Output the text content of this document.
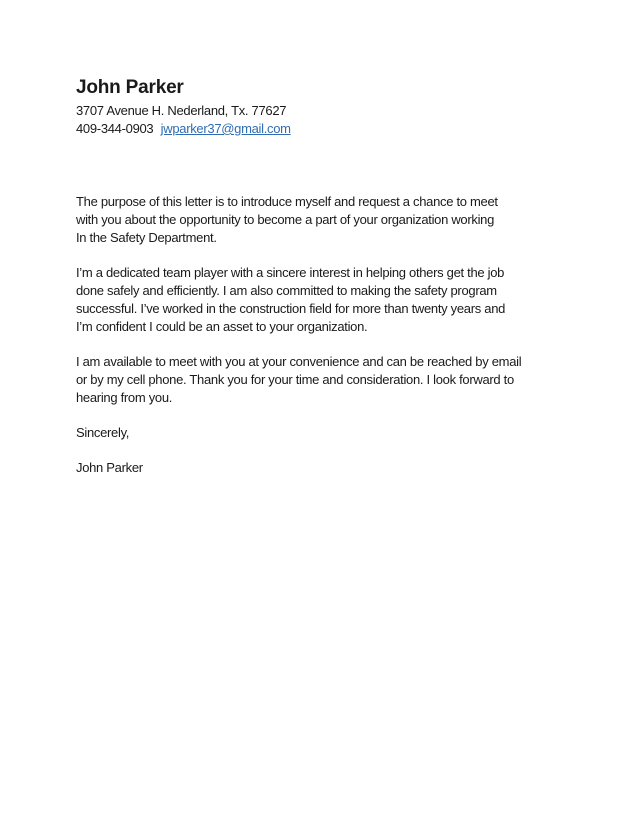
John Parker
3707 Avenue H. Nederland, Tx. 77627
409-344-0903 jwparker37@gmail.com
The purpose of this letter is to introduce myself and request a chance to meet
with you about the opportunity to become a part of your organization working
In the Safety Department.
I’m a dedicated team player with a sincere interest in helping others get the job
done safely and efficiently. I am also committed to making the safety program
successful. I’ve worked in the construction field for more than twenty years and
I’m confident I could be an asset to your organization.
I am available to meet with you at your convenience and can be reached by email
or by my cell phone. Thank you for your time and consideration. I look forward to
hearing from you.
Sincerely,
John Parker
